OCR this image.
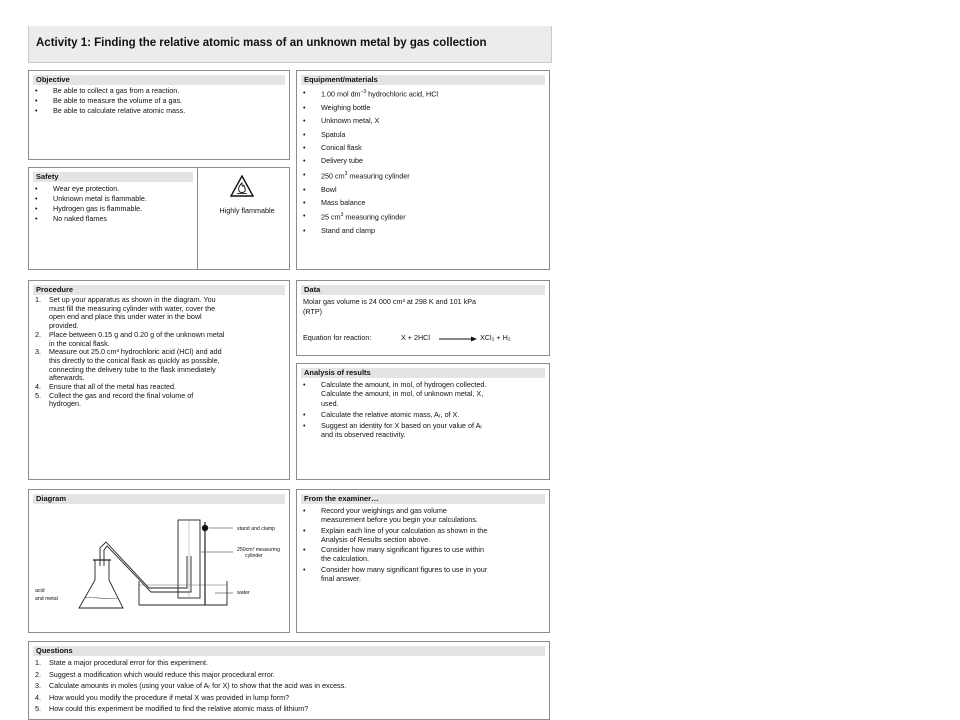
Activity 1: Finding the relative atomic mass of an unknown metal by gas collection
Objective
• Be able to collect a gas from a reaction.
• Be able to measure the volume of a gas.
• Be able to calculate relative atomic mass.
Safety
• Wear eye protection.
• Unknown metal is flammable.
• Hydrogen gas is flammable.
• No naked flames
Highly flammable
Equipment/materials
• 1.00 mol $dm^{-3}$ hydrochloric acid, HCl
• Weighing bottle
• Unknown metal, X
• Spatula
• Conical flask
• Delivery tube
• 250 $cm^3$ measuring cylinder
• Bowl
• Mass balance
• 25 $cm^3$ measuring cylinder
• Stand and clamp
Procedure
1. Set up your apparatus as shown in the diagram. You
must fill the measuring cylinder with water, cover the
open end and place this under water in the bowl
provided.
2. Place between 0.15 g and 0.20 g of the unknown metal
in the conical flask.
3. Measure out 25.0 cm³ hydrochloric acid (HCl) and add
this directly to the conical flask as quickly as possible,
connecting the delivery tube to the flask immediately
afterwards.
4. Ensure that all of the metal has reacted.
5. Collect the gas and record the final volume of
hydrogen.
Data
Molar gas volume is 24 000 cm³ at 298 K and 101 kPa
(RTP)
Equation for reaction:	X + 2HCl → XCl₂ + H₂
Analysis of results
• Calculate the amount, in mol, of hydrogen collected.
Calculate the amount, in mol, of unknown metal, X,
used.
• Calculate the relative atomic mass, Aᵣ, of X.
• Suggest an identity for X based on your value of Aᵣ
and its observed reactivity.
Diagram
stand and clamp
250cm³ measuring
cylinder
acid
and metal
water
From the examiner…
• Record your weighings and gas volume
measurement before you begin your calculations.
• Explain each line of your calculation as shown in the
Analysis of Results section above.
• Consider how many significant figures to use within
the calculation.
• Consider how many significant figures to use in your
final answer.
Questions
1. State a major procedural error for this experiment.
2. Suggest a modification which would reduce this major procedural error.
3. Calculate amounts in moles (using your value of Aᵣ for X) to show that the acid was in excess.
4. How would you modify the procedure if metal X was provided in lump form?
5. How could this experiment be modified to find the relative atomic mass of lithium?
